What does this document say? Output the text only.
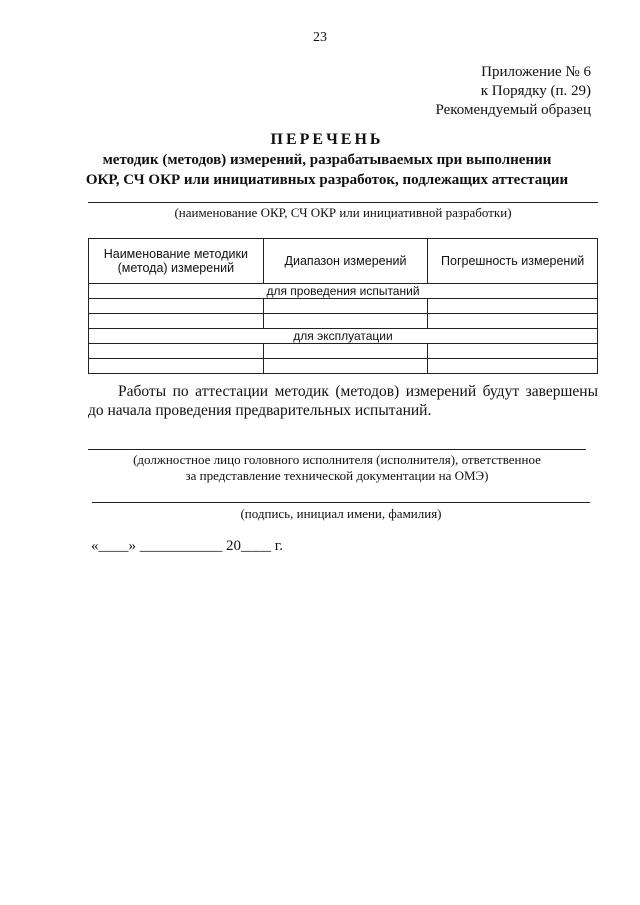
23
Приложение № 6
к Порядку (п. 29)
Рекомендуемый образец
ПЕРЕЧЕНЬ
методик (методов) измерений, разрабатываемых при выполнении
ОКР, СЧ ОКР или инициативных разработок, подлежащих аттестации
(наименование ОКР, СЧ ОКР или инициативной разработки)
Наименование методики (метода) измерений	Диапазон измерений	Погрешность измерений
для проведения испытаний		

для эксплуатации		

Работы по аттестации методик (методов) измерений будут завершены до начала проведения предварительных испытаний.
(должностное лицо головного исполнителя (исполнителя), ответственное
за представление технической документации на ОМЭ)
(подпись, инициал имени, фамилия)
«____» ___________ 20____ г.
